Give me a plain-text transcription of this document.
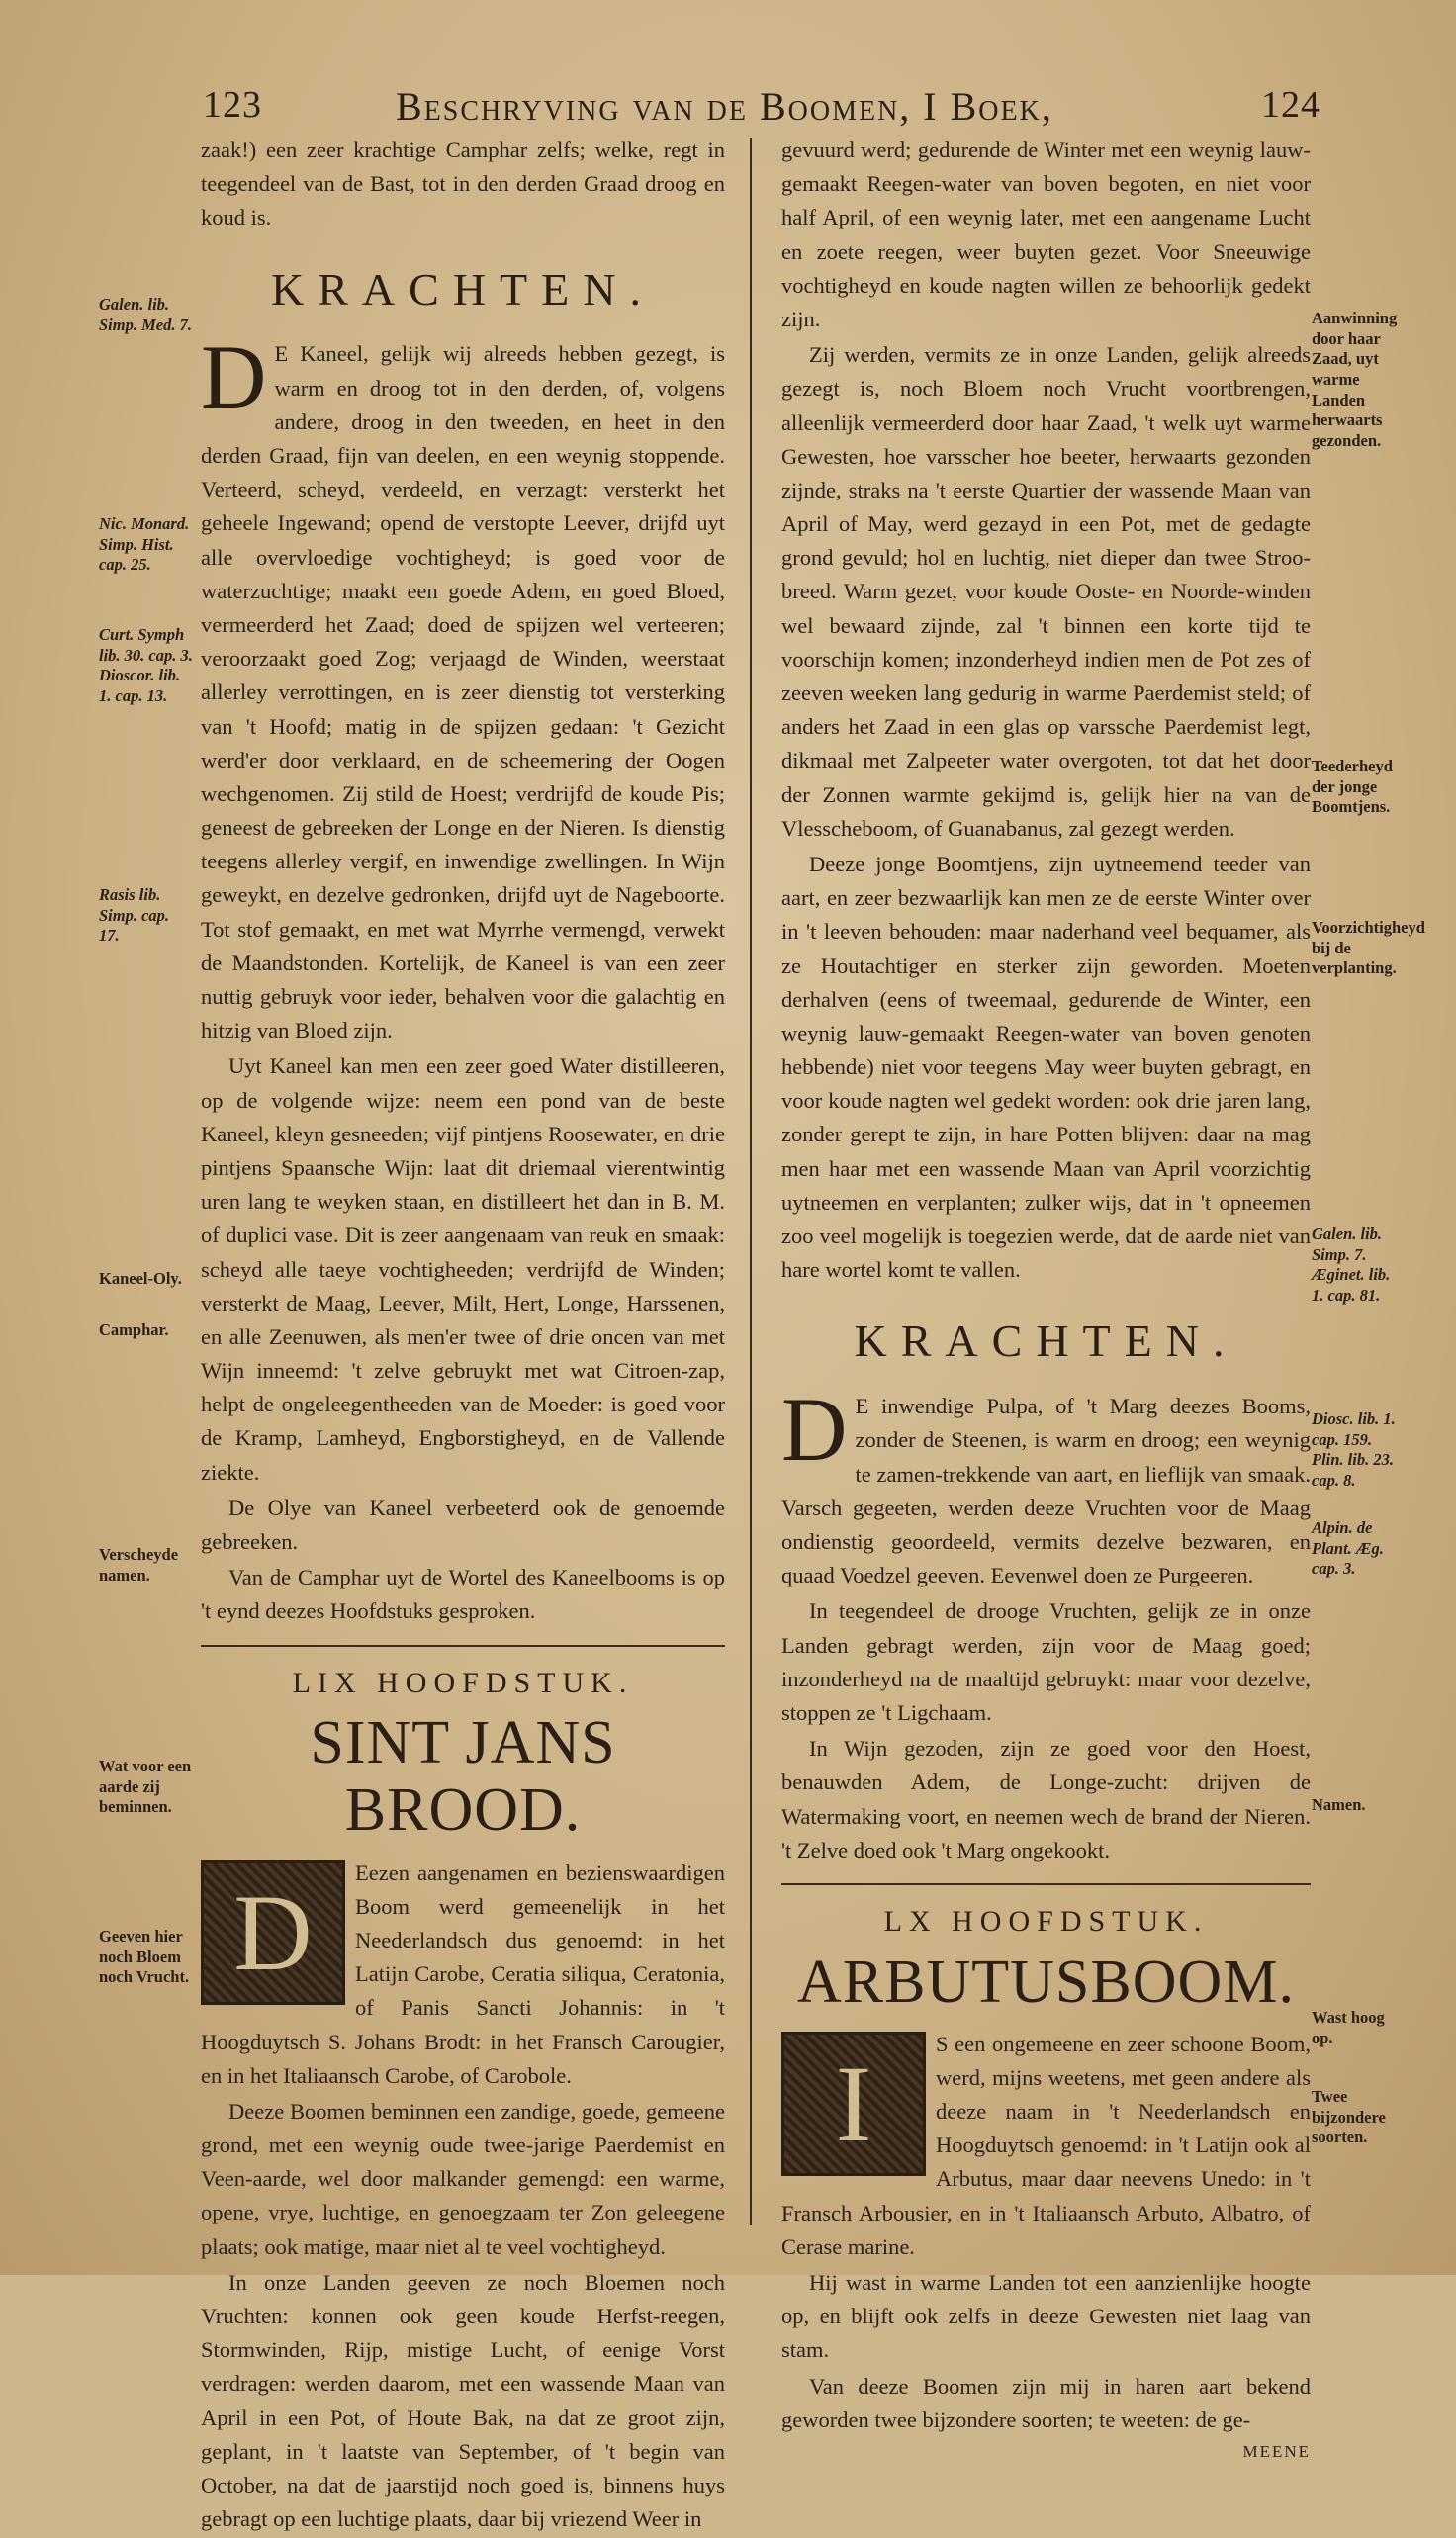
123	Beschryving van de Boomen, I Boek,	124

zaak!) een zeer krachtige Camphar zelfs; welke, regt in teegendeel van de Bast, tot in den derden Graad droog en koud is.

KRACHTEN.

D E Kaneel, gelijk wij alreeds hebben gezegt, is warm en droog tot in den derden, of, volgens andere, droog in den tweeden, en heet in den derden Graad, fijn van deelen, en een weynig stoppende. Verteerd, scheyd, verdeeld, en verzagt: versterkt het geheele Ingewand; opend de verstopte Leever, drijfd uyt alle overvloedige vochtigheyd; is goed voor de waterzuchtige; maakt een goede Adem, en goed Bloed, vermeerderd het Zaad; doed de spijzen wel verteeren; veroorzaakt goed Zog; verjaagd de Winden, weerstaat allerley verrottingen, en is zeer dienstig tot versterking van 't Hoofd; matig in de spijzen gedaan: 't Gezicht werd'er door verklaard, en de scheemering der Oogen wechgenomen. Zij stild de Hoest; verdrijfd de koude Pis; geneest de gebreeken der Longe en der Nieren. Is dienstig teegens allerley vergif, en inwendige zwellingen. In Wijn geweykt, en dezelve gedronken, drijfd uyt de Nageboorte. Tot stof gemaakt, en met wat Myrrhe vermengd, verwekt de Maandstonden. Kortelijk, de Kaneel is van een zeer nuttig gebruyk voor ieder, behalven voor die galachtig en hitzig van Bloed zijn.

Uyt Kaneel kan men een zeer goed Water distilleeren, op de volgende wijze: neem een pond van de beste Kaneel, kleyn gesneeden; vijf pintjens Roosewater, en drie pintjens Spaansche Wijn: laat dit driemaal vierentwintig uren lang te weyken staan, en distilleert het dan in B. M. of duplici vase. Dit is zeer aangenaam van reuk en smaak: scheyd alle taeye vochtigheeden; verdrijfd de Winden; versterkt de Maag, Leever, Milt, Hert, Longe, Harssenen, en alle Zeenuwen, als men'er twee of drie oncen van met Wijn inneemd: 't zelve gebruykt met wat Citroen-zap, helpt de ongeleegentheeden van de Moeder: is goed voor de Kramp, Lamheyd, Engborstigheyd, en de Vallende ziekte.

De Olye van Kaneel verbeeterd ook de genoemde gebreeken.

Van de Camphar uyt de Wortel des Kaneelbooms is op 't eynd deezes Hoofdstuks gesproken.

LIX HOOFDSTUK.
SINT JANS BROOD.

D	Eezen aangenamen en bezienswaardigen Boom werd gemeenelijk in het Neederlandsch dus genoemd: in het Latijn Carobe, Ceratia siliqua, Ceratonia, of Panis Sancti Johannis: in 't Hoogduytsch S. Johans Brodt: in het Fransch Carougier, en in het Italiaansch Carobe, of Carobole.

Deeze Boomen beminnen een zandige, goede, gemeene grond, met een weynig oude twee-jarige Paerdemist en Veen-aarde, wel door malkander gemengd: een warme, opene, vrye, luchtige, en genoegzaam ter Zon geleegene plaats; ook matige, maar niet al te veel vochtigheyd.

In onze Landen geeven ze noch Bloemen noch Vruchten: konnen ook geen koude Herfst-reegen, Stormwinden, Rijp, mistige Lucht, of eenige Vorst verdragen: werden daarom, met een wassende Maan van April in een Pot, of Houte Bak, na dat ze groot zijn, geplant, in 't laatste van September, of 't begin van October, na dat de jaarstijd noch goed is, binnens huys gebragt op een luchtige plaats, daar bij vriezend Weer in

gevuurd werd; gedurende de Winter met een weynig lauw-gemaakt Reegen-water van boven begoten, en niet voor half April, of een weynig later, met een aangename Lucht en zoete reegen, weer buyten gezet. Voor Sneeuwige vochtigheyd en koude nagten willen ze behoorlijk gedekt zijn.

Zij werden, vermits ze in onze Landen, gelijk alreeds gezegt is, noch Bloem noch Vrucht voortbrengen, alleenlijk vermeerderd door haar Zaad, 't welk uyt warme Gewesten, hoe varsscher hoe beeter, herwaarts gezonden zijnde, straks na 't eerste Quartier der wassende Maan van April of May, werd gezayd in een Pot, met de gedagte grond gevuld; hol en luchtig, niet dieper dan twee Stroo-breed. Warm gezet, voor koude Ooste- en Noorde-winden wel bewaard zijnde, zal 't binnen een korte tijd te voorschijn komen; inzonderheyd indien men de Pot zes of zeeven weeken lang gedurig in warme Paerdemist steld; of anders het Zaad in een glas op varssche Paerdemist legt, dikmaal met Zalpeeter water overgoten, tot dat het door der Zonnen warmte gekijmd is, gelijk hier na van de Vlesscheboom, of Guanabanus, zal gezegt werden.

Deeze jonge Boomtjens, zijn uytneemend teeder van aart, en zeer bezwaarlijk kan men ze de eerste Winter over in 't leeven behouden: maar naderhand veel bequamer, als ze Houtachtiger en sterker zijn geworden. Moeten derhalven (eens of tweemaal, gedurende de Winter, een weynig lauw-gemaakt Reegen-water van boven genoten hebbende) niet voor teegens May weer buyten gebragt, en voor koude nagten wel gedekt worden: ook drie jaren lang, zonder gerept te zijn, in hare Potten blijven: daar na mag men haar met een wassende Maan van April voorzichtig uytneemen en verplanten; zulker wijs, dat in 't opneemen zoo veel mogelijk is toegezien werde, dat de aarde niet van hare wortel komt te vallen.

KRACHTEN.

D E inwendige Pulpa, of 't Marg deezes Booms, zonder de Steenen, is warm en droog; een weynig te zamen-trekkende van aart, en lieflijk van smaak. Varsch gegeeten, werden deeze Vruchten voor de Maag ondienstig geoordeeld, vermits dezelve bezwaren, en quaad Voedzel geeven. Eevenwel doen ze Purgeeren.

In teegendeel de drooge Vruchten, gelijk ze in onze Landen gebragt werden, zijn voor de Maag goed; inzonderheyd na de maaltijd gebruykt: maar voor dezelve, stoppen ze 't Ligchaam.

In Wijn gezoden, zijn ze goed voor den Hoest, benauwden Adem, de Longe-zucht: drijven de Watermaking voort, en neemen wech de brand der Nieren. 't Zelve doed ook 't Marg ongekookt.

LX HOOFDSTUK.
ARBUTUSBOOM.

I	S een ongemeene en zeer schoone Boom, werd, mijns weetens, met geen andere als deeze naam in 't Neederlandsch en Hoogduytsch genoemd: in 't Latijn ook al Arbutus, maar daar neevens Unedo: in 't Fransch Arbousier, en in 't Italiaansch Arbuto, Albatro, of Cerase marine.

Hij wast in warme Landen tot een aanzienlijke hoogte op, en blijft ook zelfs in deeze Gewesten niet laag van stam.

Van deeze Boomen zijn mij in haren aart bekend geworden twee bijzondere soorten; te weeten: de ge-

MEENE
Galen. lib. Simp. Med. 7.
Nic. Monard. Simp. Hist. cap. 25.
Curt. Symph lib. 30. cap. 3. Dioscor. lib. 1. cap. 13.
Rasis lib. Simp. cap. 17.
Kaneel-Oly.
Camphar.
Verscheyde namen.
Wat voor een aarde zij beminnen.
Geeven hier noch Bloem noch Vrucht.
Aanwinning door haar Zaad, uyt warme Landen herwaarts gezonden.
Teederheyd der jonge Boomtjens.
Voorzichtigheyd bij de verplanting.
Galen. lib. Simp. 7. Æginet. lib. 1. cap. 81.
Diosc. lib. 1. cap. 159. Plin. lib. 23. cap. 8.
Alpin. de Plant. Æg. cap. 3.
Namen.
Wast hoog op.
Twee bijzondere soorten.
